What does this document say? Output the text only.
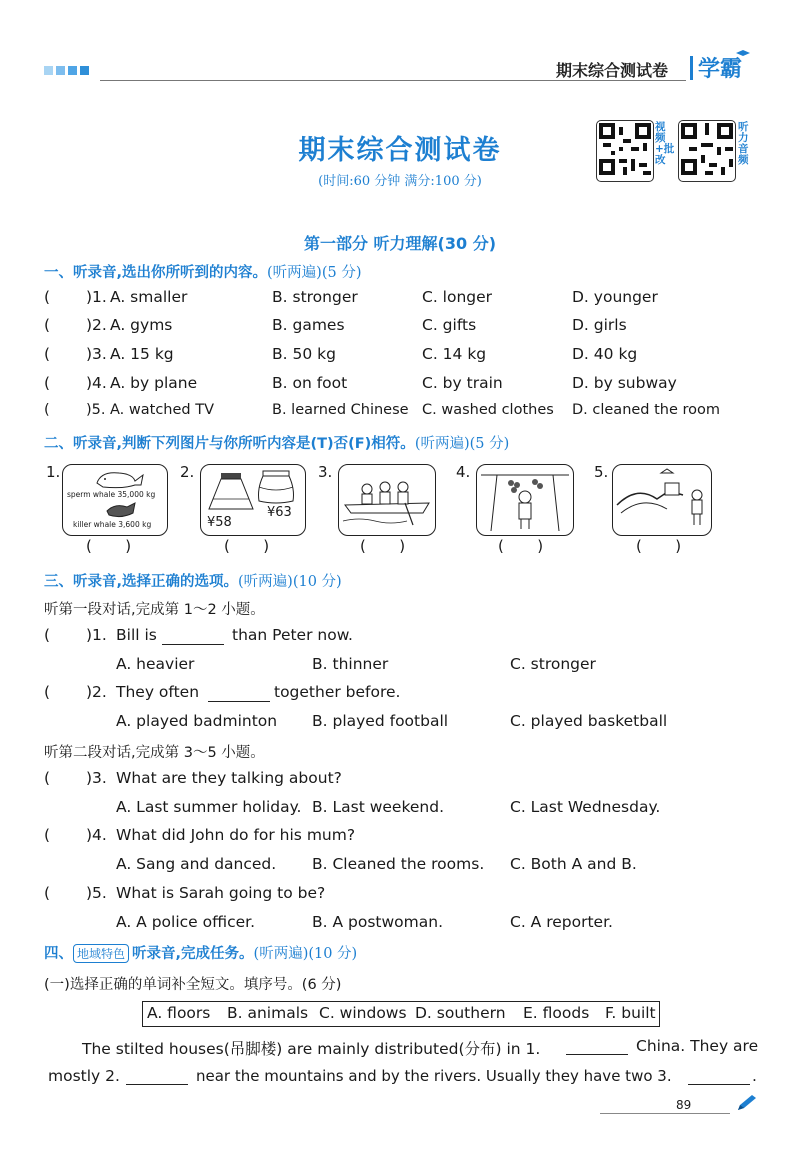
期末综合测试卷 学霸
期末综合测试卷
(时间:60 分钟 满分:100 分)
视频+批改
听力音频
第一部分 听力理解(30 分)
一、听录音,选出你所听到的内容。(听两遍)(5 分)
( )1. A. smaller	B. stronger	C. longer	D. younger
( )2. A. gyms	B. games	C. gifts	D. girls
( )3. A. 15 kg	B. 50 kg	C. 14 kg	D. 40 kg
( )4. A. by plane	B. on foot	C. by train	D. by subway
(	)5. A. watched TV	B. learned Chinese C. washed clothes D. cleaned the room
二、听录音,判断下列图片与你所听内容是(T)否(F)相符。(听两遍)(5 分)
1.
sperm whale 35,000 kg
killer whale 3,600 kg
(       )
2.
¥58
¥63
(       )
3.
(       )
4.
(       )
5.
(       )
三、听录音,选择正确的选项。(听两遍)(10 分)
听第一段对话,完成第 1～2 小题。
( )1. Bill is	than Peter now.
A. heavier	B. thinner	C. stronger
( )2. They often	together before.
A. played badminton B. played football	C. played basketball
听第二段对话,完成第 3～5 小题。
( )3. What are they talking about?
A. Last summer holiday. B. Last weekend.	C. Last Wednesday.
( )4. What did John do for his mum?
A. Sang and danced. B. Cleaned the rooms. C. Both A and B.
( )5. What is Sarah going to be?
A. A police officer.	B. A postwoman.	C. A reporter.
四、 地域特色 听录音,完成任务。(听两遍)(10 分)
(一)选择正确的单词补全短文。填序号。(6 分)
A. floors B. animals C. windows D. southern E. floods F. built
The stilted houses(吊脚楼) are mainly distributed(分布) in 1.	China. They are
mostly 2.	near the mountains and by the rivers. Usually they have two 3.	.
89
